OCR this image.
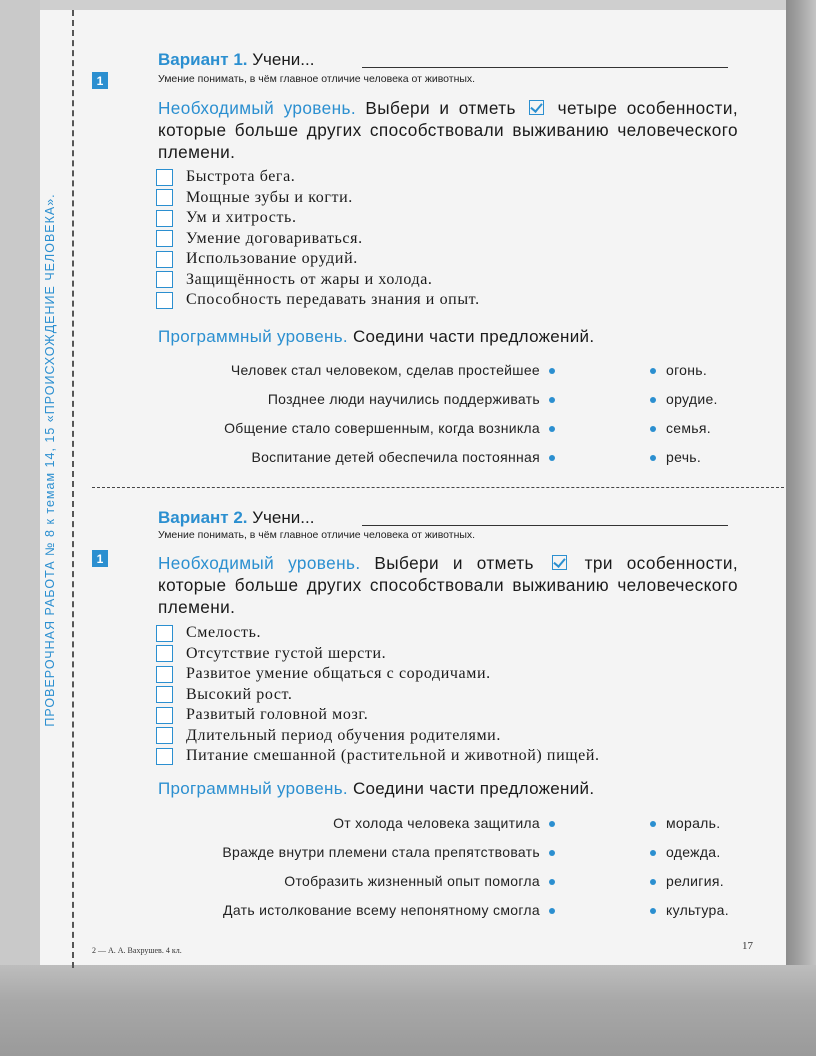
ПРОВЕРОЧНАЯ РАБОТА № 8 к темам 14, 15 «ПРОИСХОЖДЕНИЕ ЧЕЛОВЕКА».
Вариант 1. Учени...
Умение понимать, в чём главное отличие человека от животных.
1
Необходимый уровень. Выбери и отметь  четыре особенности, которые больше других способствовали выживанию человеческого племени.
Быстрота бега.
Мощные зубы и когти.
Ум и хитрость.
Умение договариваться.
Использование орудий.
Защищённость от жары и холода.
Способность передавать знания и опыт.
Программный уровень. Соедини части предложений.
Человек стал человеком, сделав простейшее	огонь.
Позднее люди научились поддерживать	орудие.
Общение стало совершенным, когда возникла	семья.
Воспитание детей обеспечила постоянная	речь.
Вариант 2. Учени...
Умение понимать, в чём главное отличие человека от животных.
1	Необходимый уровень. Выбери и отметь  три особенности, которые больше других способствовали выживанию человеческого племени.
Смелость.
Отсутствие густой шерсти.
Развитое умение общаться с сородичами.
Высокий рост.
Развитый головной мозг.
Длительный период обучения родителями.
Питание смешанной (растительной и животной) пищей.
Программный уровень. Соедини части предложений.
От холода человека защитила	мораль.
Вражде внутри племени стала препятствовать	одежда.
Отобразить жизненный опыт помогла	религия.
Дать истолкование всему непонятному смогла	культура.
2 — А. А. Вахрушев. 4 кл.	17
